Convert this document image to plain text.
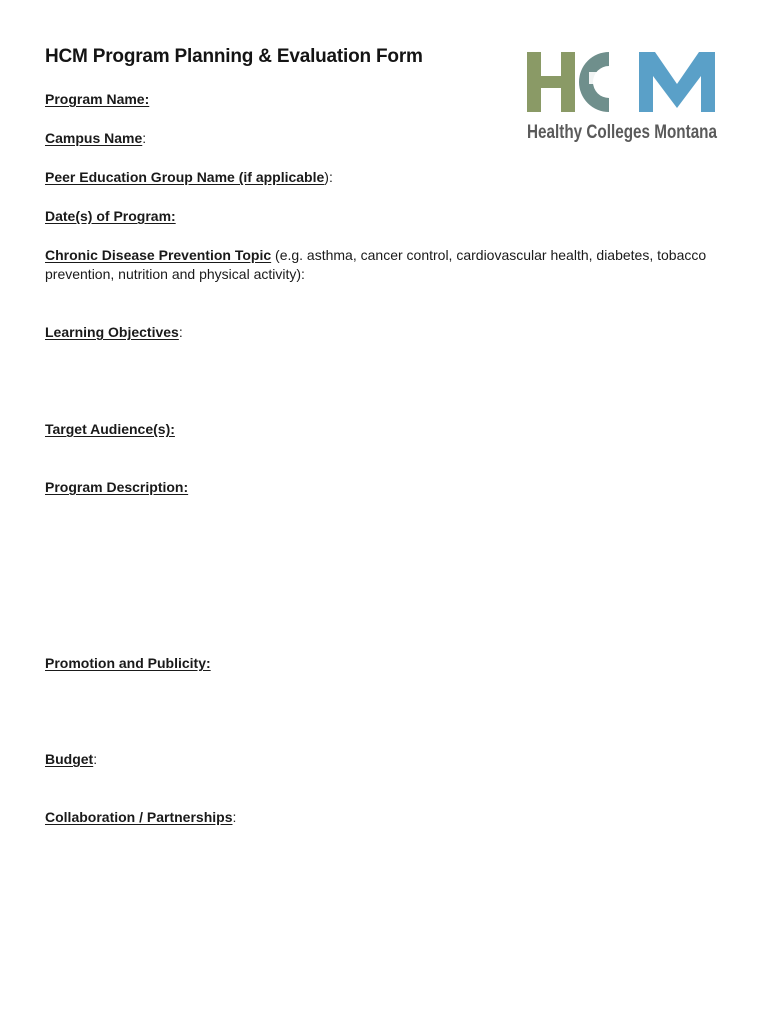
HCM Program Planning & Evaluation Form
Healthy Colleges Montana
Program Name:
Campus Name:
Peer Education Group Name (if applicable):
Date(s) of Program:
Chronic Disease Prevention Topic (e.g. asthma, cancer control, cardiovascular health, diabetes, tobacco prevention, nutrition and physical activity):
Learning Objectives:
Target Audience(s):
Program Description:
Promotion and Publicity:
Budget:
Collaboration / Partnerships:
